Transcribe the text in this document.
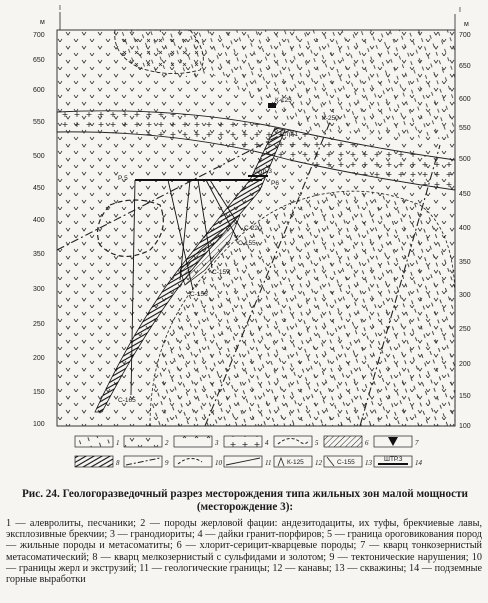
м
I
700
650
600
550
500
450
400
350
300
250
200
150
100
I
м
700
650
600
550
500
450
400
350
300
250
200
150
100
К-125
К-250
Р 5
Р6
Штр.3
Штр.1
С-220
С-155
С-157
С-156
С-165
1	2	3	4	5	6	7
8	9	10	11 К-125 12 С-155 13 ШТР.3 14
Рис. 24. Геологоразведочный разрез месторождения типа жильных зон малой мощности (месторождение 3):
1 — алевролиты, песчаники; 2 — породы жерловой фации: андезитодациты, их туфы, брекчиевые лавы, эксплозивные брекчии; 3 — гранодиориты; 4 — дайки гранит-порфиров; 5 — граница ороговикования пород — жильные породы и метасоматиты; 6 — хлорит-серицит-кварцевые породы; 7 — кварц тонкозернистый метасоматический; 8 — кварц мелкозернистый с сульфидами и золотом; 9 — тектонические нарушения; 10 — границы жерл и экструзий; 11 — геологические границы; 12 — канавы; 13 — скважины; 14 — подземные горные выработки
